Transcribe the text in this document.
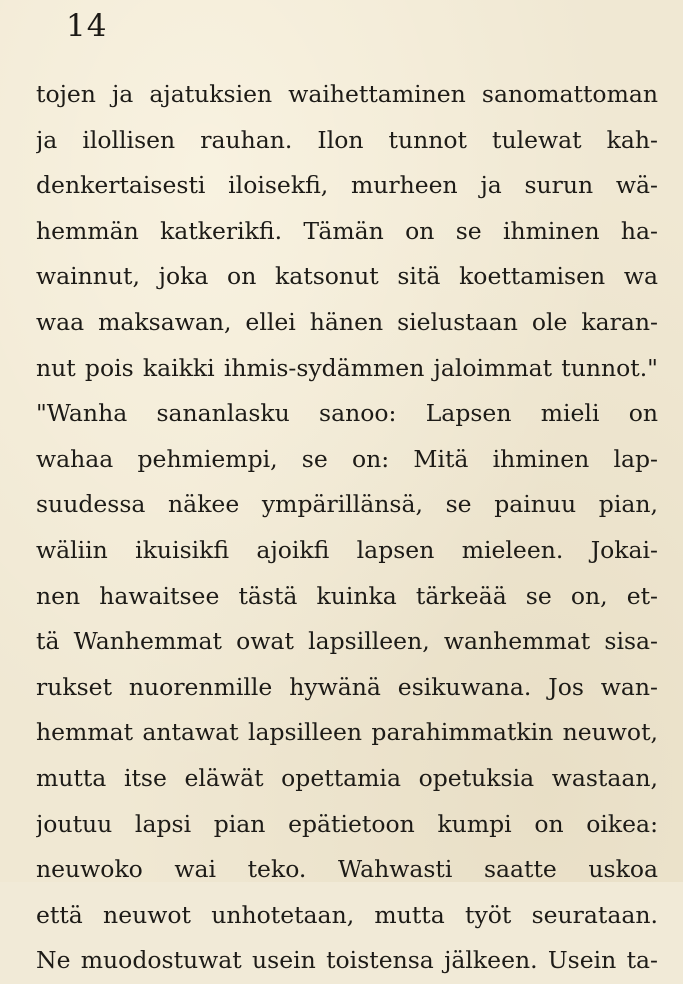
14
tojen ja ajatuksien waihettaminen sanomattoman
ja ilollisen rauhan. Ilon tunnot tulewat kah-
denkertaisesti iloisekfi, murheen ja surun wä-
hemmän katkerikfi. Tämän on se ihminen ha-
wainnut, joka on katsonut sitä koettamisen wa
waa maksawan, ellei hänen sielustaan ole karan-
nut pois kaikki ihmis-sydämmen jaloimmat tunnot."
"Wanha sananlasku sanoo: Lapsen mieli on
wahaa pehmiempi, se on: Mitä ihminen lap-
suudessa näkee ympärillänsä, se painuu pian,
wäliin ikuisikfi ajoikfi lapsen mieleen. Jokai-
nen hawaitsee tästä kuinka tärkeää se on, et-
tä Wanhemmat owat lapsilleen, wanhemmat sisa-
rukset nuorenmille hywänä esikuwana. Jos wan-
hemmat antawat lapsilleen parahimmatkin neuwot,
mutta itse eläwät opettamia opetuksia wastaan,
joutuu lapsi pian epätietoon kumpi on oikea:
neuwoko wai teko. Wahwasti saatte uskoa
että neuwot unhotetaan, mutta työt seurataan.
Ne muodostuwat usein toistensa jälkeen. Usein ta-
